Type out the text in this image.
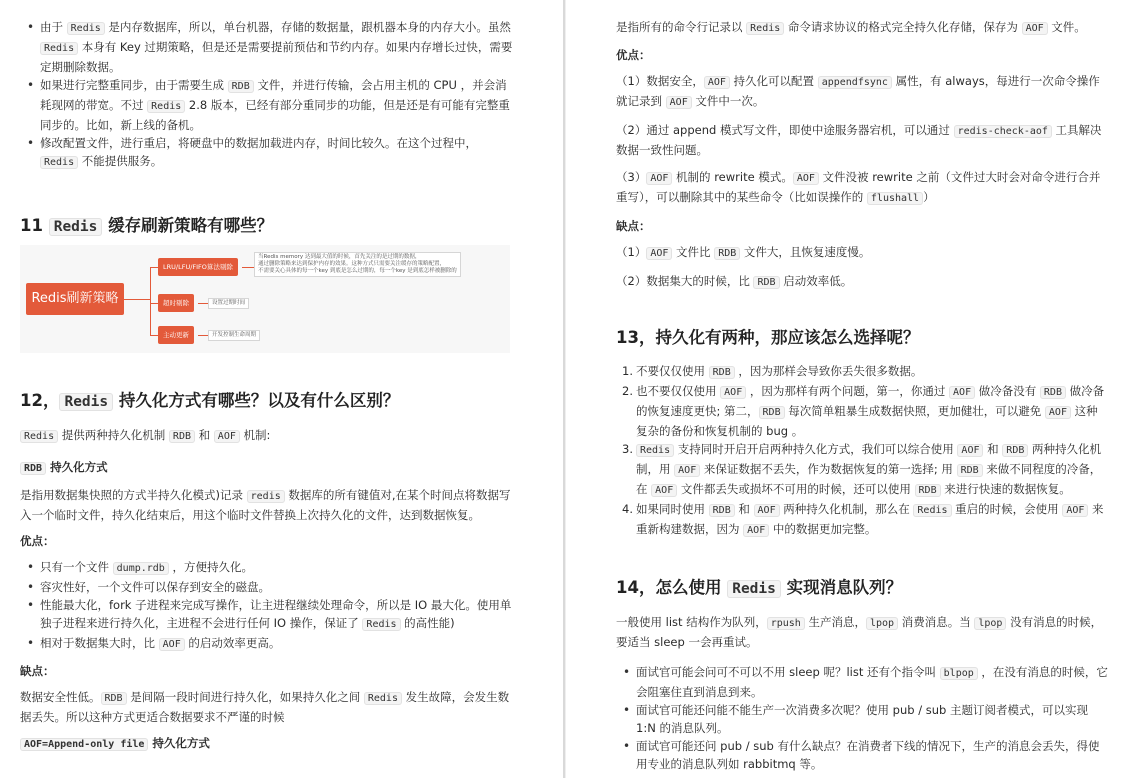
• 由于 Redis 是内存数据库，所以，单台机器，存储的数据量，跟机器本身的内存大小。虽然 Redis 本身有 Key 过期策略，但是还是需要提前预估和节约内存。如果内存增长过快，需要定期删除数据。
• 如果进行完整重同步，由于需要生成 RDB 文件，并进行传输，会占用主机的 CPU ，并会消耗现网的带宽。不过 Redis 2.8 版本，已经有部分重同步的功能，但是还是有可能有完整重同步的。比如，新上线的备机。
• 修改配置文件，进行重启，将硬盘中的数据加载进内存，时间比较久。在这个过程中，Redis 不能提供服务。
11 Redis 缓存刷新策略有哪些？
Redis刷新策略
LRU/LFU/FIFO算法剔除
当Redis memory 达到最大值的时候，首先关注的是过期的数据，
通过删除策略来达到保护内存的效果。这种方式只需要关注缓存的策略配置，
不需要关心具体的每一个key 到底是怎么过期的，每一个key 是到底怎样被删除的
超时剔除	设置过期时间
主动更新	开发控制生命周期
12， Redis 持久化方式有哪些？以及有什么区别？

Redis 提供两种持久化机制 RDB 和 AOF 机制:

RDB 持久化方式

是指用数据集快照的方式半持久化模式)记录 redis 数据库的所有键值对,在某个时间点将数据写入一个临时文件，持久化结束后，用这个临时文件替换上次持久化的文件，达到数据恢复。

优点：

• 只有一个文件 dump.rdb ，方便持久化。
• 容灾性好，一个文件可以保存到安全的磁盘。
• 性能最大化，fork 子进程来完成写操作，让主进程继续处理命令，所以是 IO 最大化。使用单独子进程来进行持久化，主进程不会进行任何 IO 操作，保证了 Redis 的高性能)
• 相对于数据集大时，比 AOF 的启动效率更高。

缺点：

数据安全性低。 RDB 是间隔一段时间进行持久化，如果持久化之间 Redis 发生故障，会发生数据丢失。所以这种方式更适合数据要求不严谨的时候

AOF=Append-only file 持久化方式

是指所有的命令行记录以 Redis 命令请求协议的格式完全持久化存储，保存为 AOF 文件。

优点：

（1）数据安全， AOF 持久化可以配置 appendfsync 属性，有 always，每进行一次命令操作就记录到 AOF 文件中一次。

（2）通过 append 模式写文件，即使中途服务器宕机，可以通过 redis-check-aof 工具解决数据一致性问题。

（3） AOF 机制的 rewrite 模式。 AOF 文件没被 rewrite 之前（文件过大时会对命令进行合并重写），可以删除其中的某些命令（比如误操作的 flushall ）

缺点：

（1） AOF 文件比 RDB 文件大，且恢复速度慢。

（2）数据集大的时候，比 RDB 启动效率低。

13，持久化有两种，那应该怎么选择呢？
1. 不要仅仅使用 RDB ，因为那样会导致你丢失很多数据。
2. 也不要仅仅使用 AOF ，因为那样有两个问题，第一，你通过 AOF 做冷备没有 RDB 做冷备的恢复速度更快; 第二， RDB 每次简单粗暴生成数据快照，更加健壮，可以避免 AOF 这种复杂的备份和恢复机制的 bug 。
3. Redis 支持同时开启开启两种持久化方式，我们可以综合使用 AOF 和 RDB 两种持久化机制，用 AOF 来保证数据不丢失，作为数据恢复的第一选择; 用 RDB 来做不同程度的冷备，在 AOF 文件都丢失或损坏不可用的时候，还可以使用 RDB 来进行快速的数据恢复。
4. 如果同时使用 RDB 和 AOF 两种持久化机制，那么在 Redis 重启的时候，会使用 AOF 来重新构建数据，因为 AOF 中的数据更加完整。
14，怎么使用 Redis 实现消息队列？

一般使用 list 结构作为队列， rpush 生产消息， lpop 消费消息。当 lpop 没有消息的时候，要适当 sleep 一会再重试。

• 面试官可能会问可不可以不用 sleep 呢？list 还有个指令叫 blpop ，在没有消息的时候，它会阻塞住直到消息到来。
• 面试官可能还问能不能生产一次消费多次呢？使用 pub / sub 主题订阅者模式，可以实现 1:N 的消息队列。
• 面试官可能还问 pub / sub 有什么缺点？在消费者下线的情况下，生产的消息会丢失，得使用专业的消息队列如 rabbitmq 等。
